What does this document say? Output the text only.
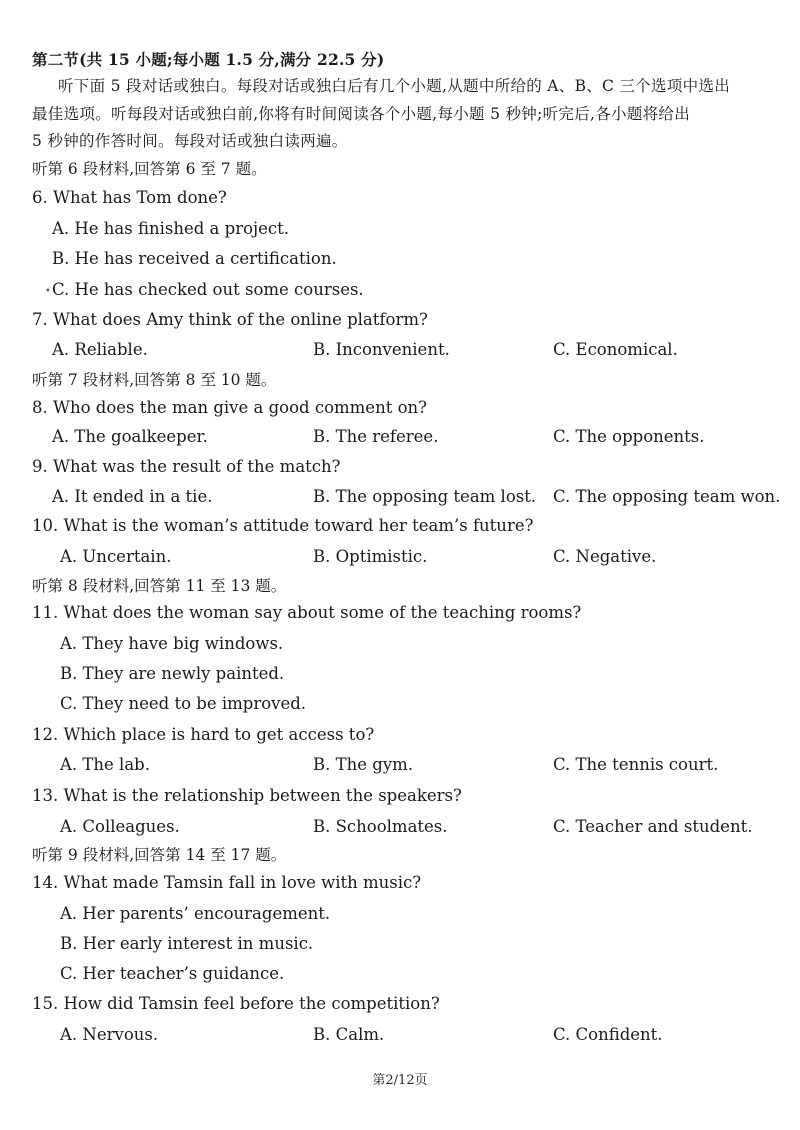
第二节(共 15 小题;每小题 1.5 分,满分 22.5 分)
听下面 5 段对话或独白。每段对话或独白后有几个小题,从题中所给的 A、B、C 三个选项中选出
最佳选项。听每段对话或独白前,你将有时间阅读各个小题,每小题 5 秒钟;听完后,各小题将给出
5 秒钟的作答时间。每段对话或独白读两遍。
听第 6 段材料,回答第 6 至 7 题。
6. What has Tom done?
A. He has finished a project.
B. He has received a certification.
• C. He has checked out some courses.
7. What does Amy think of the online platform?
A. Reliable.	B. Inconvenient.	C. Economical.
听第 7 段材料,回答第 8 至 10 题。
8. Who does the man give a good comment on?
A. The goalkeeper.	B. The referee.	C. The opponents.
9. What was the result of the match?
A. It ended in a tie.	B. The opposing team lost. C. The opposing team won.
10. What is the woman’s attitude toward her team’s future?
A. Uncertain.	B. Optimistic.	C. Negative.
听第 8 段材料,回答第 11 至 13 题。
11. What does the woman say about some of the teaching rooms?
A. They have big windows.
B. They are newly painted.
C. They need to be improved.
12. Which place is hard to get access to?
A. The lab.	B. The gym.	C. The tennis court.
13. What is the relationship between the speakers?
A. Colleagues.	B. Schoolmates.	C. Teacher and student.
听第 9 段材料,回答第 14 至 17 题。
14. What made Tamsin fall in love with music?
A. Her parents’ encouragement.
B. Her early interest in music.
C. Her teacher’s guidance.
15. How did Tamsin feel before the competition?
A. Nervous.	B. Calm.	C. Confident.
第2/12页
